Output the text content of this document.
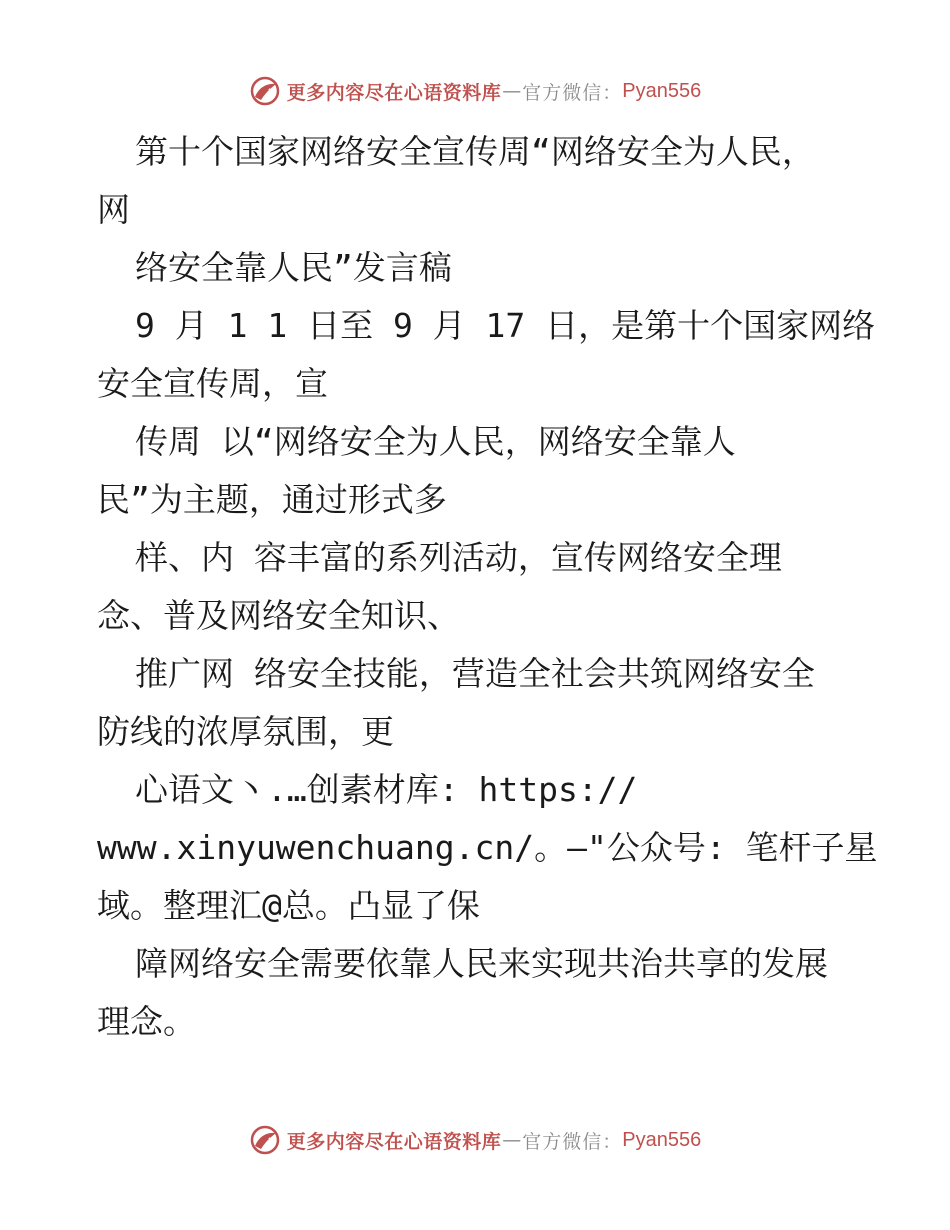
更多内容尽在心语资料库 — 官方微信： Pyan556
第十个国家网络安全宣传周“网络安全为人民，
网
络安全靠人民”发言稿
9 月 1 1 日至 9 月 17 日，是第十个国家网络
安全宣传周，宣
传周 以“网络安全为人民，网络安全靠人
民”为主题，通过形式多
样、内 容丰富的系列活动，宣传网络安全理
念、普及网络安全知识、
推广网 络安全技能，营造全社会共筑网络安全
防线的浓厚氛围，更
心语文丶.…创素材库: https://
www.xinyuwenchuang.cn/。—"公众号: 笔杆子星
域。整理汇@总。凸显了保
障网络安全需要依靠人民来实现共治共享的发展
理念。
更多内容尽在心语资料库 — 官方微信： Pyan556
